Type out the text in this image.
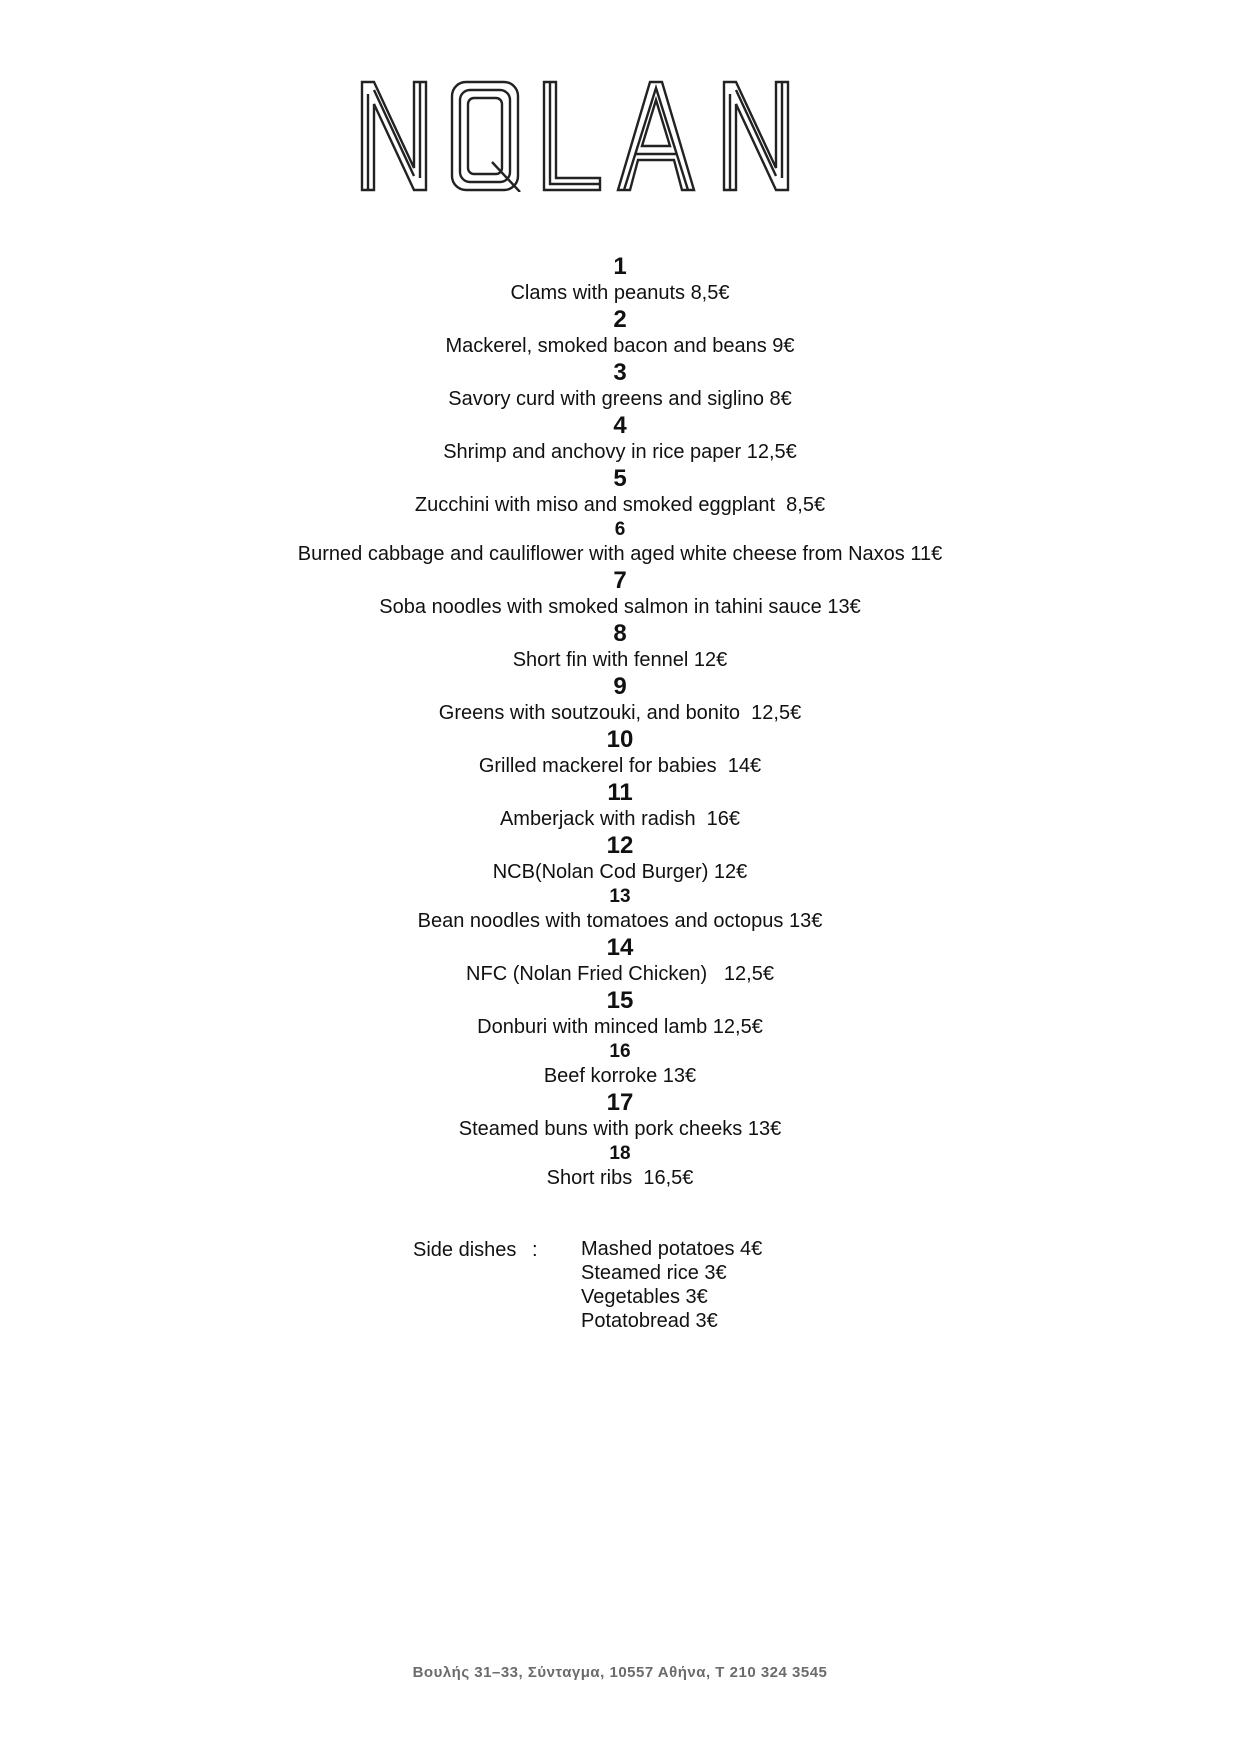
NOLAN
1
Clams with peanuts 8,5€
2
Mackerel, smoked bacon and beans 9€
3
Savory curd with greens and siglino 8€
4
Shrimp and anchovy in rice paper 12,5€
5
Zucchini with miso and smoked eggplant  8,5€
6
Burned cabbage and cauliflower with aged white cheese from Naxos 11€
7
Soba noodles with smoked salmon in tahini sauce 13€
8
Short fin with fennel 12€
9
Greens with soutzouki, and bonito  12,5€
10
Grilled mackerel for babies  14€
11
Amberjack with radish  16€
12
NCB(Nolan Cod Burger) 12€
13
Bean noodles with tomatoes and octopus 13€
14
NFC (Nolan Fried Chicken)   12,5€
15
Donburi with minced lamb 12,5€
16
Beef korroke 13€
17
Steamed buns with pork cheeks 13€
18
Short ribs  16,5€
Side dishes : Mashed potatoes 4€
Steamed rice 3€
Vegetables 3€
Potatobread 3€
Βουλής 31–33, Σύνταγμα, 10557 Αθήνα, T 210 324 3545
